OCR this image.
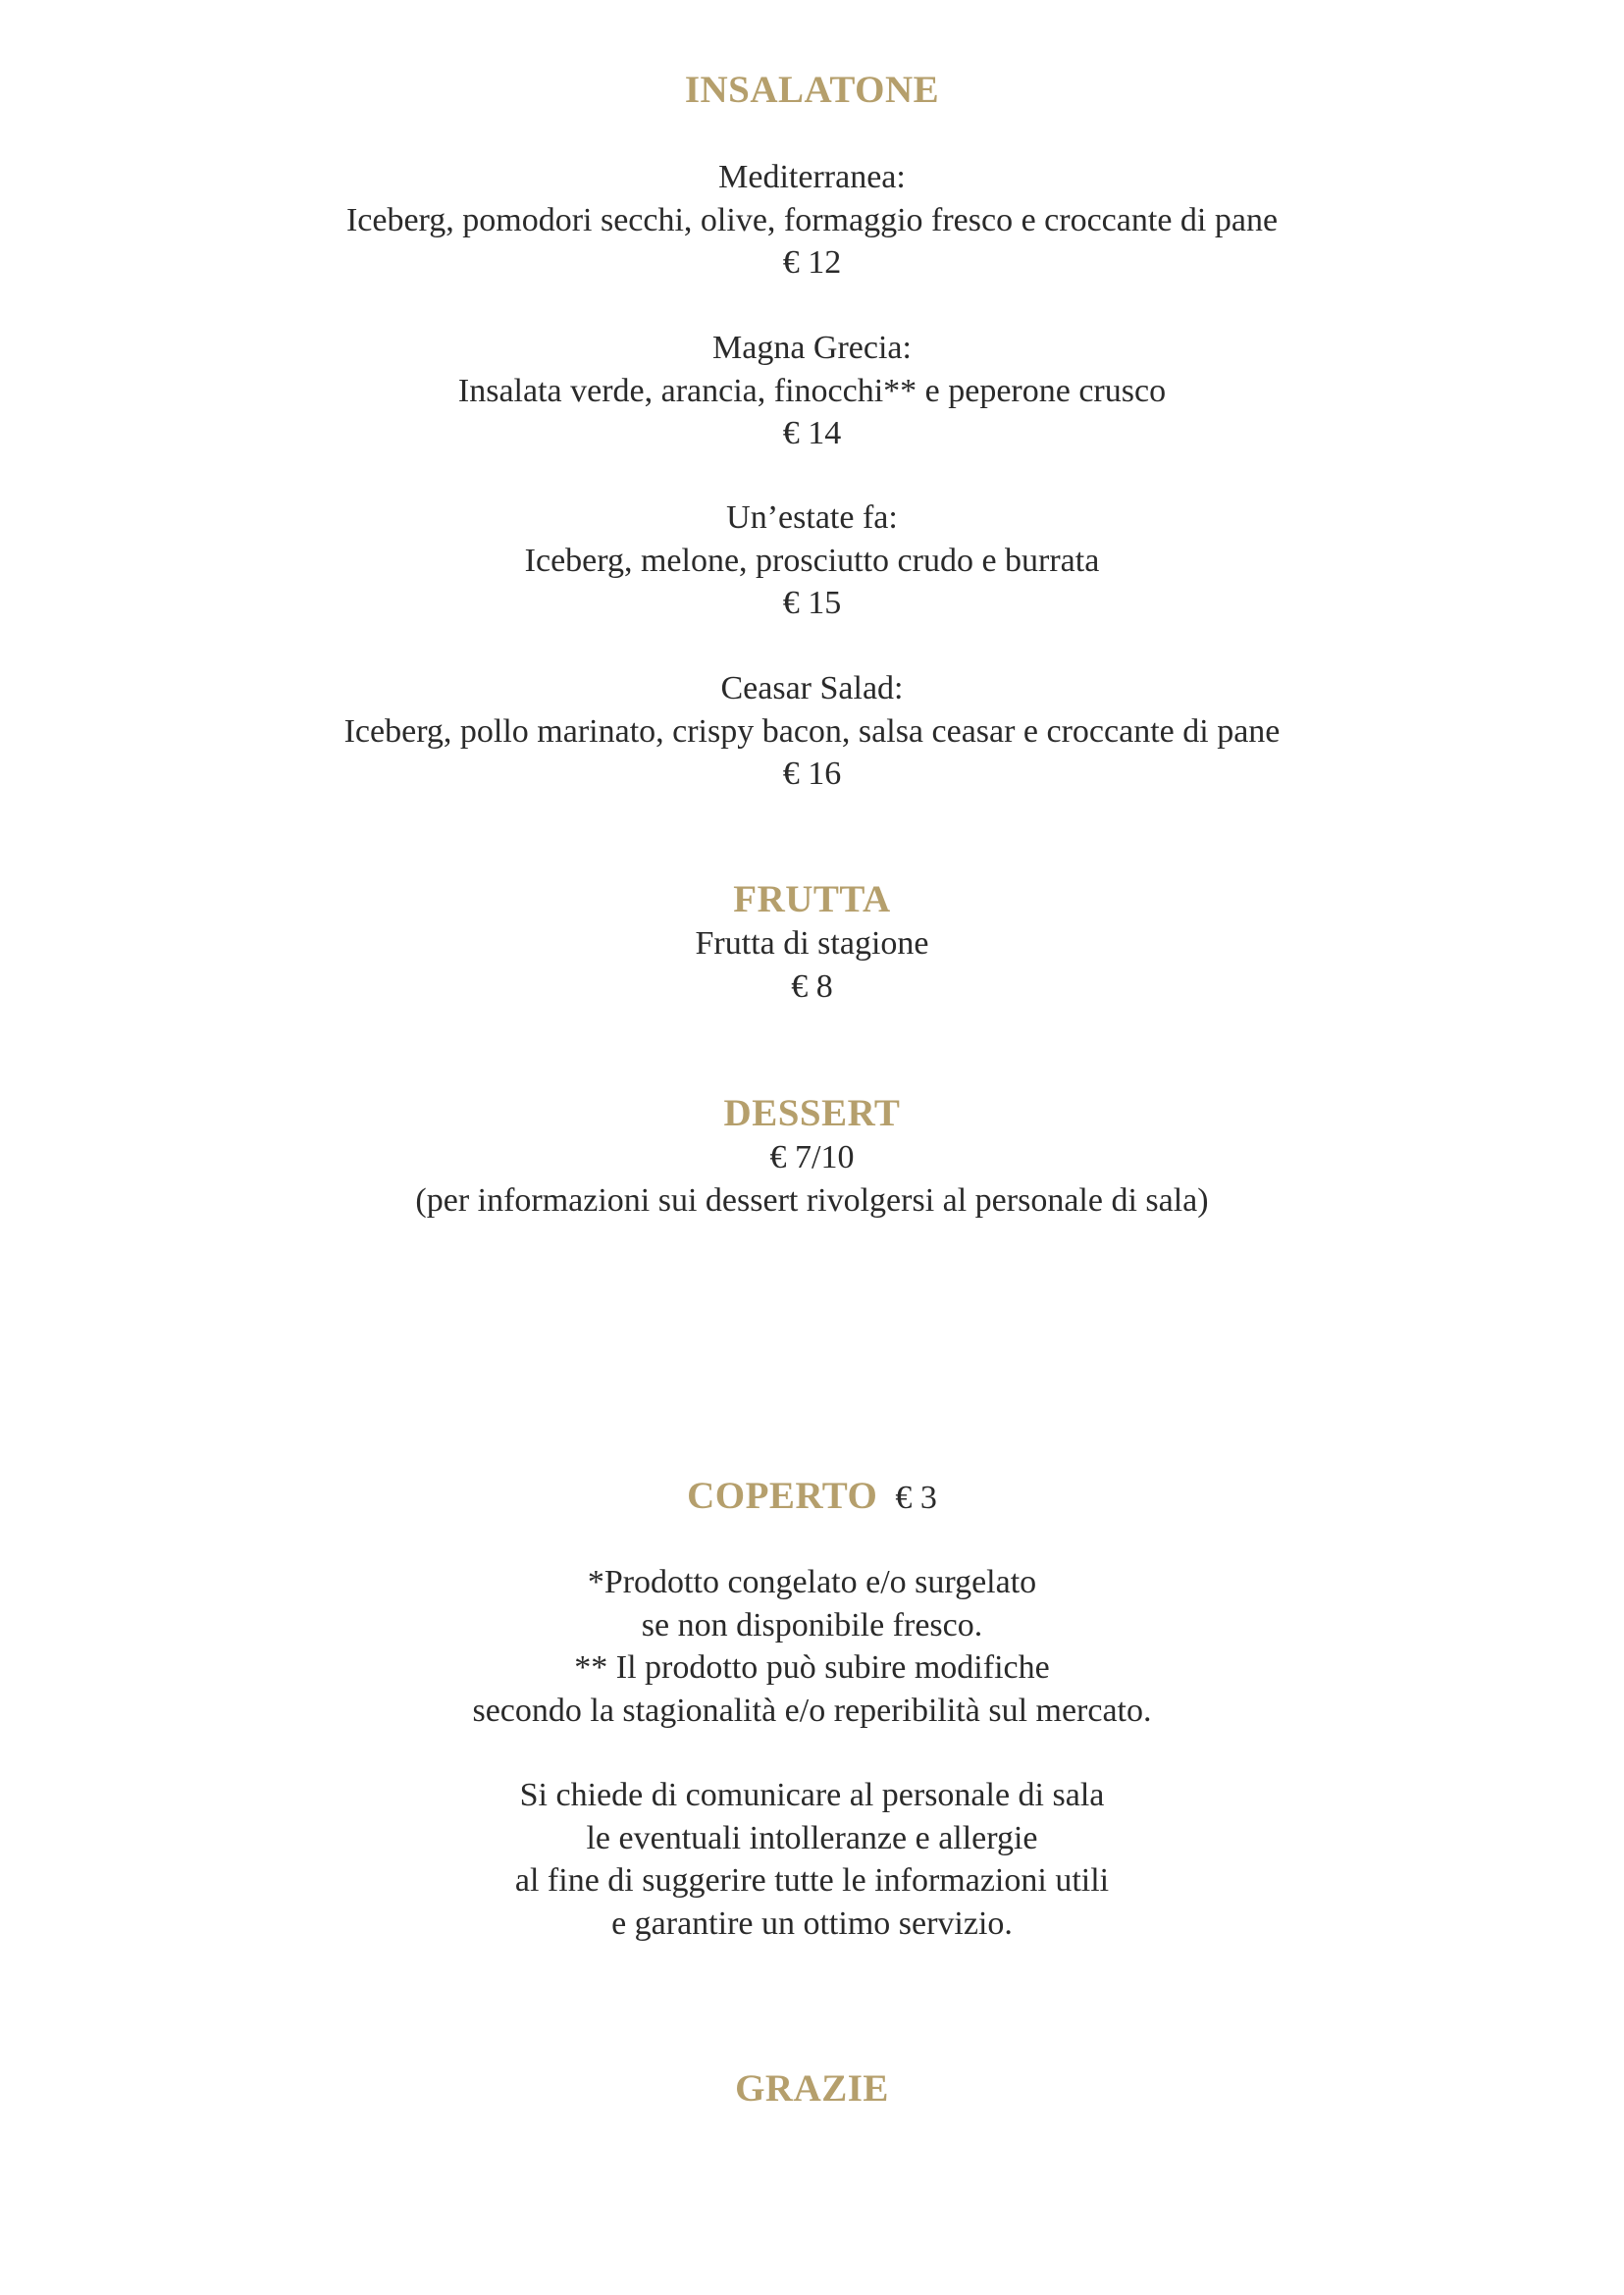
INSALATONE

Mediterranea:

Iceberg, pomodori secchi, olive, formaggio fresco e croccante di pane

€ 12

Magna Grecia:

Insalata verde, arancia, finocchi** e peperone crusco

€ 14

Un’estate fa:

Iceberg, melone, prosciutto crudo e burrata

€ 15

Ceasar Salad:

Iceberg, pollo marinato, crispy bacon, salsa ceasar e croccante di pane

€ 16

FRUTTA

Frutta di stagione

€ 8

DESSERT

€ 7/10

(per informazioni sui dessert rivolgersi al personale di sala)

COPERTO € 3

*Prodotto congelato e/o surgelato

se non disponibile fresco.

** Il prodotto può subire modifiche

secondo la stagionalità e/o reperibilità sul mercato.

Si chiede di comunicare al personale di sala

le eventuali intolleranze e allergie

al fine di suggerire tutte le informazioni utili

e garantire un ottimo servizio.

GRAZIE
